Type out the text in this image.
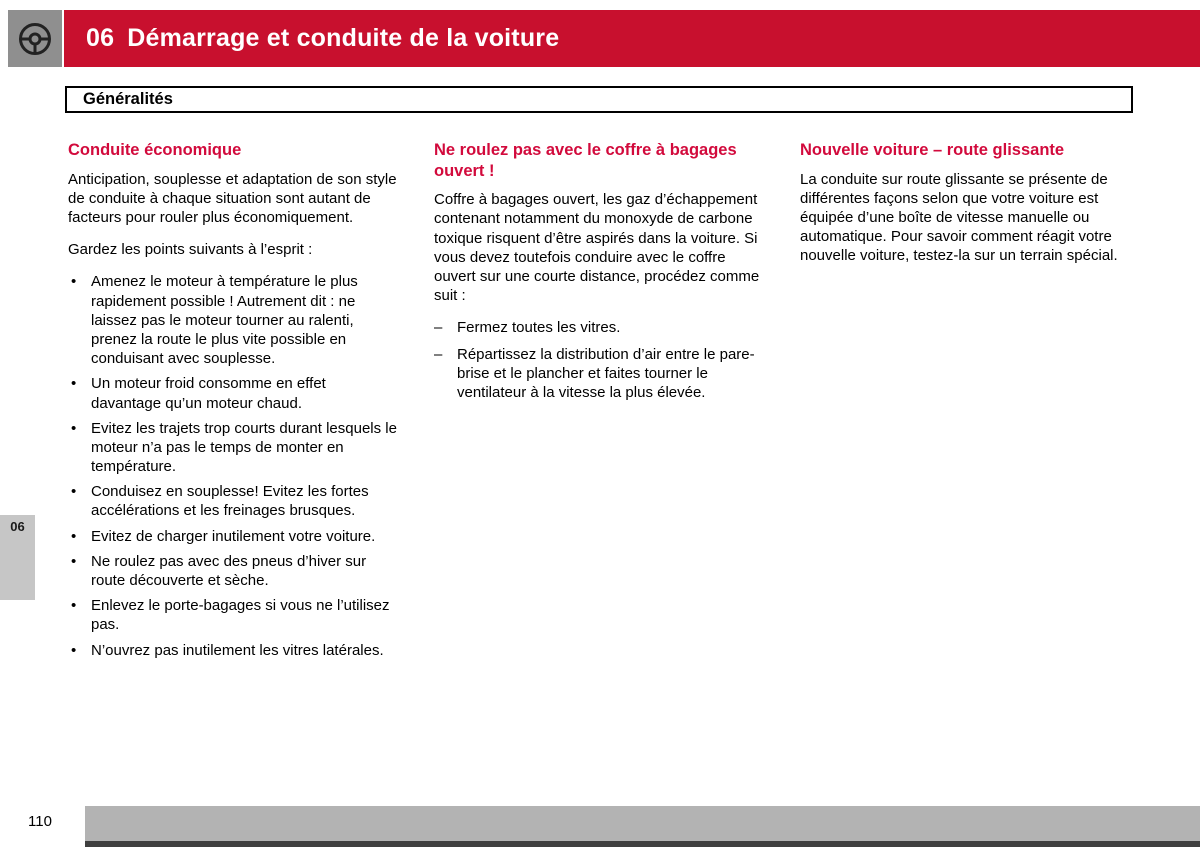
06 Démarrage et conduite de la voiture
Généralités
Conduite économique

Anticipation, souplesse et adaptation de son style de conduite à chaque situation sont autant de facteurs pour rouler plus économiquement.

Gardez les points suivants à l’esprit :

• Amenez le moteur à température le plus rapidement possible ! Autrement dit : ne laissez pas le moteur tourner au ralenti, prenez la route le plus vite possible en conduisant avec souplesse.
• Un moteur froid consomme en effet davantage qu’un moteur chaud.
• Evitez les trajets trop courts durant lesquels le moteur n’a pas le temps de monter en température.
• Conduisez en souplesse! Evitez les fortes accélérations et les freinages brusques.
• Evitez de charger inutilement votre voiture.
• Ne roulez pas avec des pneus d’hiver sur route découverte et sèche.
• Enlevez le porte-bagages si vous ne l’utilisez pas.
• N’ouvrez pas inutilement les vitres latérales.
Ne roulez pas avec le coffre à bagages ouvert !

Coffre à bagages ouvert, les gaz d’échappement contenant notamment du monoxyde de carbone toxique risquent d’être aspirés dans la voiture. Si vous devez toutefois conduire avec le coffre ouvert sur une courte distance, procédez comme suit :

– Fermez toutes les vitres.
– Répartissez la distribution d’air entre le pare-brise et le plancher et faites tourner le ventilateur à la vitesse la plus élevée.
Nouvelle voiture – route glissante

La conduite sur route glissante se présente de différentes façons selon que votre voiture est équipée d’une boîte de vitesse manuelle ou automatique. Pour savoir comment réagit votre nouvelle voiture, testez-la sur un terrain spécial.

06
110
